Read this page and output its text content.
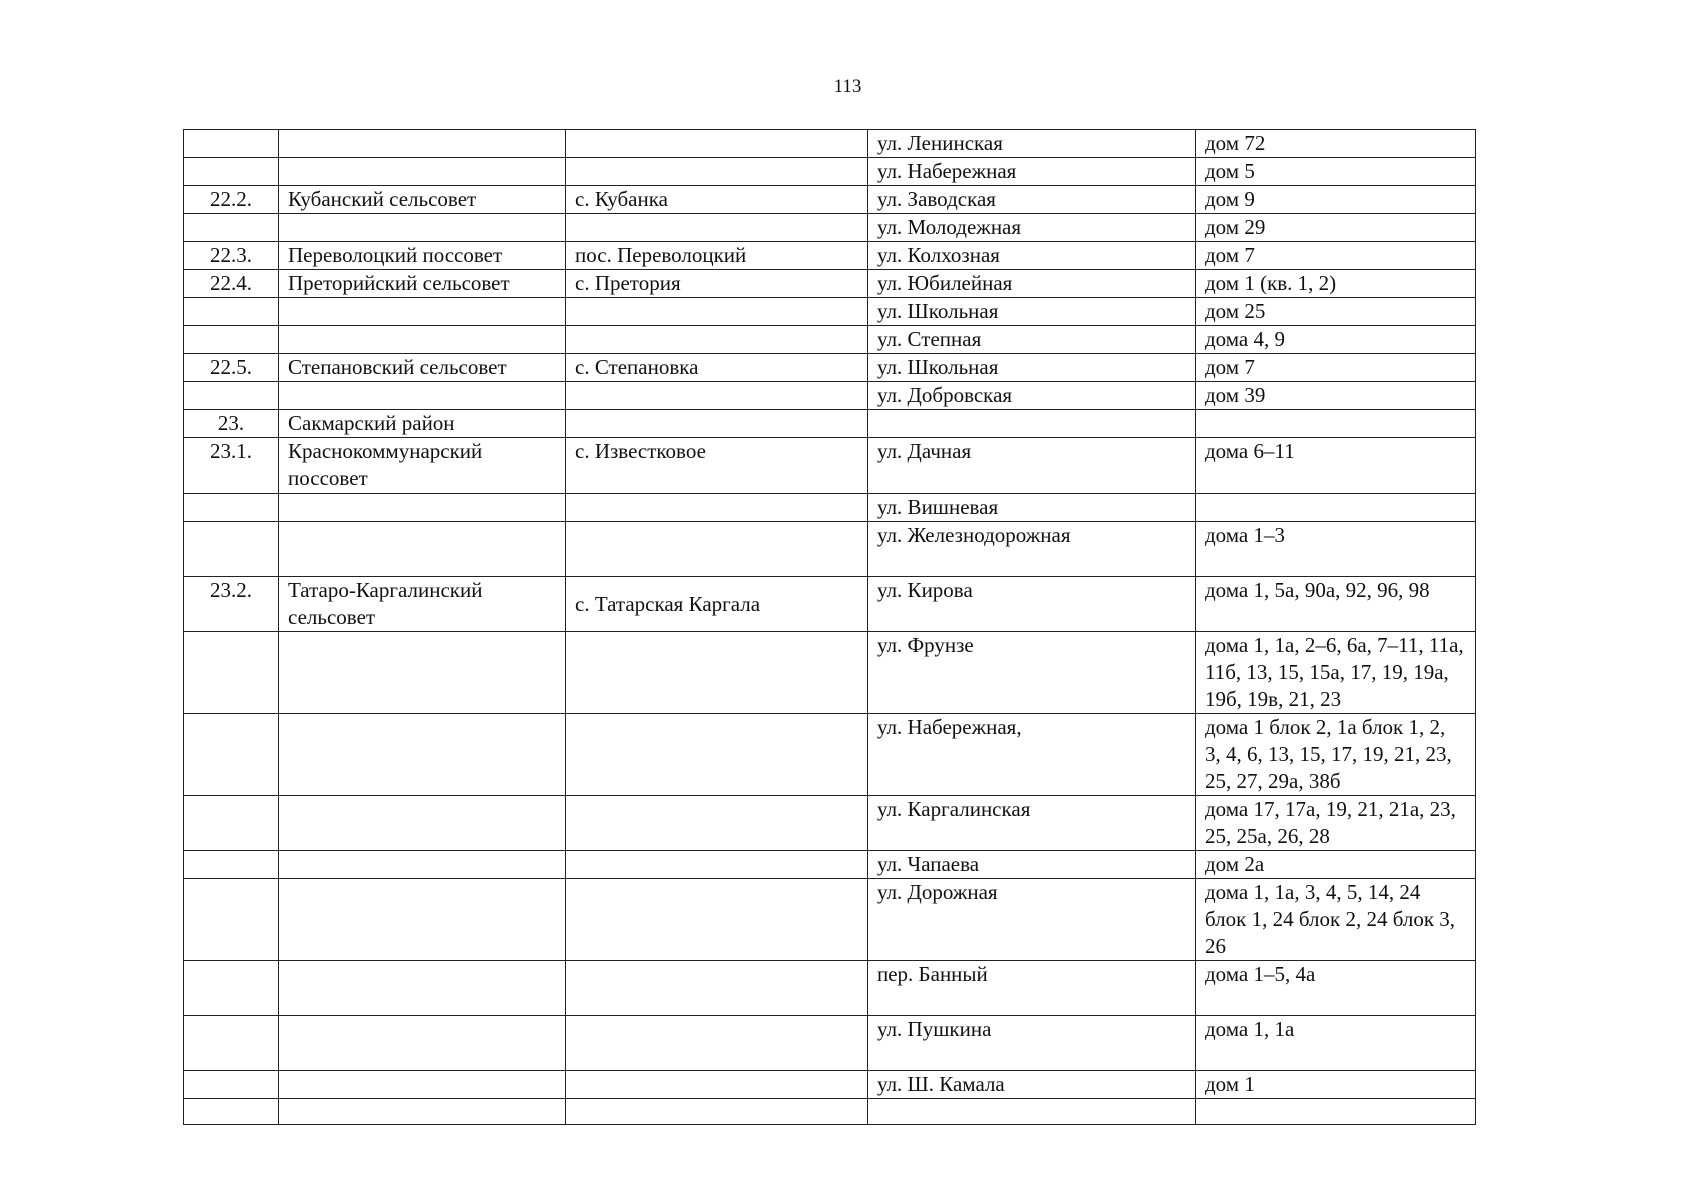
113
			ул. Ленинская	дом 72
			ул. Набережная	дом 5
22.2.	Кубанский сельсовет	с. Кубанка	ул. Заводская	дом 9
			ул. Молодежная	дом 29
22.3.	Переволоцкий поссовет	пос. Переволоцкий	ул. Колхозная	дом 7
22.4.	Преторийский сельсовет	с. Претория	ул. Юбилейная	дом 1 (кв. 1, 2)
			ул. Школьная	дом 25
			ул. Степная	дома 4, 9
22.5.	Степановский сельсовет	с. Степановка	ул. Школьная	дом 7
			ул. Добровская	дом 39
23.	Сакмарский район			
23.1.	Краснокоммунарский поссовет	с. Известковое	ул. Дачная	дома 6–11
			ул. Вишневая	
			ул. Железнодорожная	дома 1–3
23.2.	Татаро-Каргалинский сельсовет	с. Татарская Каргала	ул. Кирова	дома 1, 5а, 90а, 92, 96, 98
			ул. Фрунзе	дома 1, 1а, 2–6, 6а, 7–11, 11а, 11б, 13, 15, 15а, 17, 19, 19а, 19б, 19в, 21, 23
			ул. Набережная,	дома 1 блок 2, 1а блок 1, 2, 3, 4, 6, 13, 15, 17, 19, 21, 23, 25, 27, 29а, 38б
			ул. Каргалинская	дома 17, 17а, 19, 21, 21а, 23, 25, 25а, 26, 28
			ул. Чапаева	дом 2а
			ул. Дорожная	дома 1, 1а, 3, 4, 5, 14, 24 блок 1, 24 блок 2, 24 блок 3, 26
			пер. Банный	дома 1–5, 4а
			ул. Пушкина	дома 1, 1а
			ул. Ш. Камала	дом 1
